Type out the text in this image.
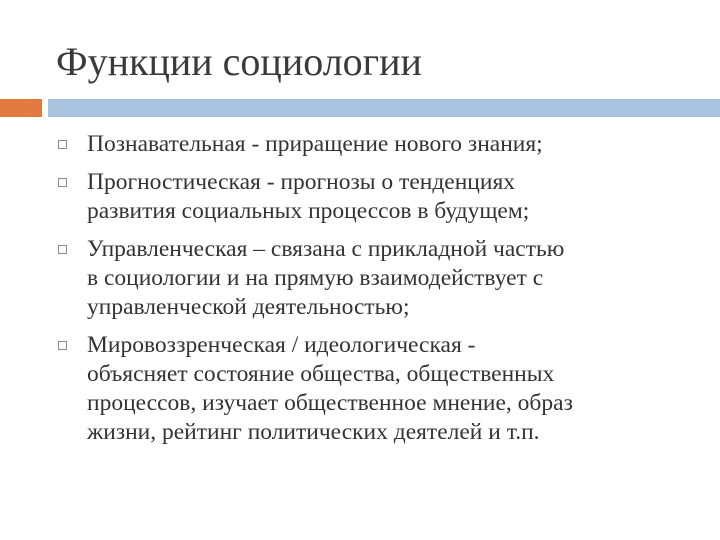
Функции социологии
Познавательная - приращение нового знания;
Прогностическая - прогнозы о тенденциях
развития социальных процессов в будущем;
Управленческая – связана с прикладной частью
в социологии и на прямую взаимодействует с
управленческой деятельностью;
Мировоззренческая / идеологическая -
объясняет состояние общества, общественных
процессов, изучает общественное мнение, образ
жизни, рейтинг политических деятелей и т.п.
